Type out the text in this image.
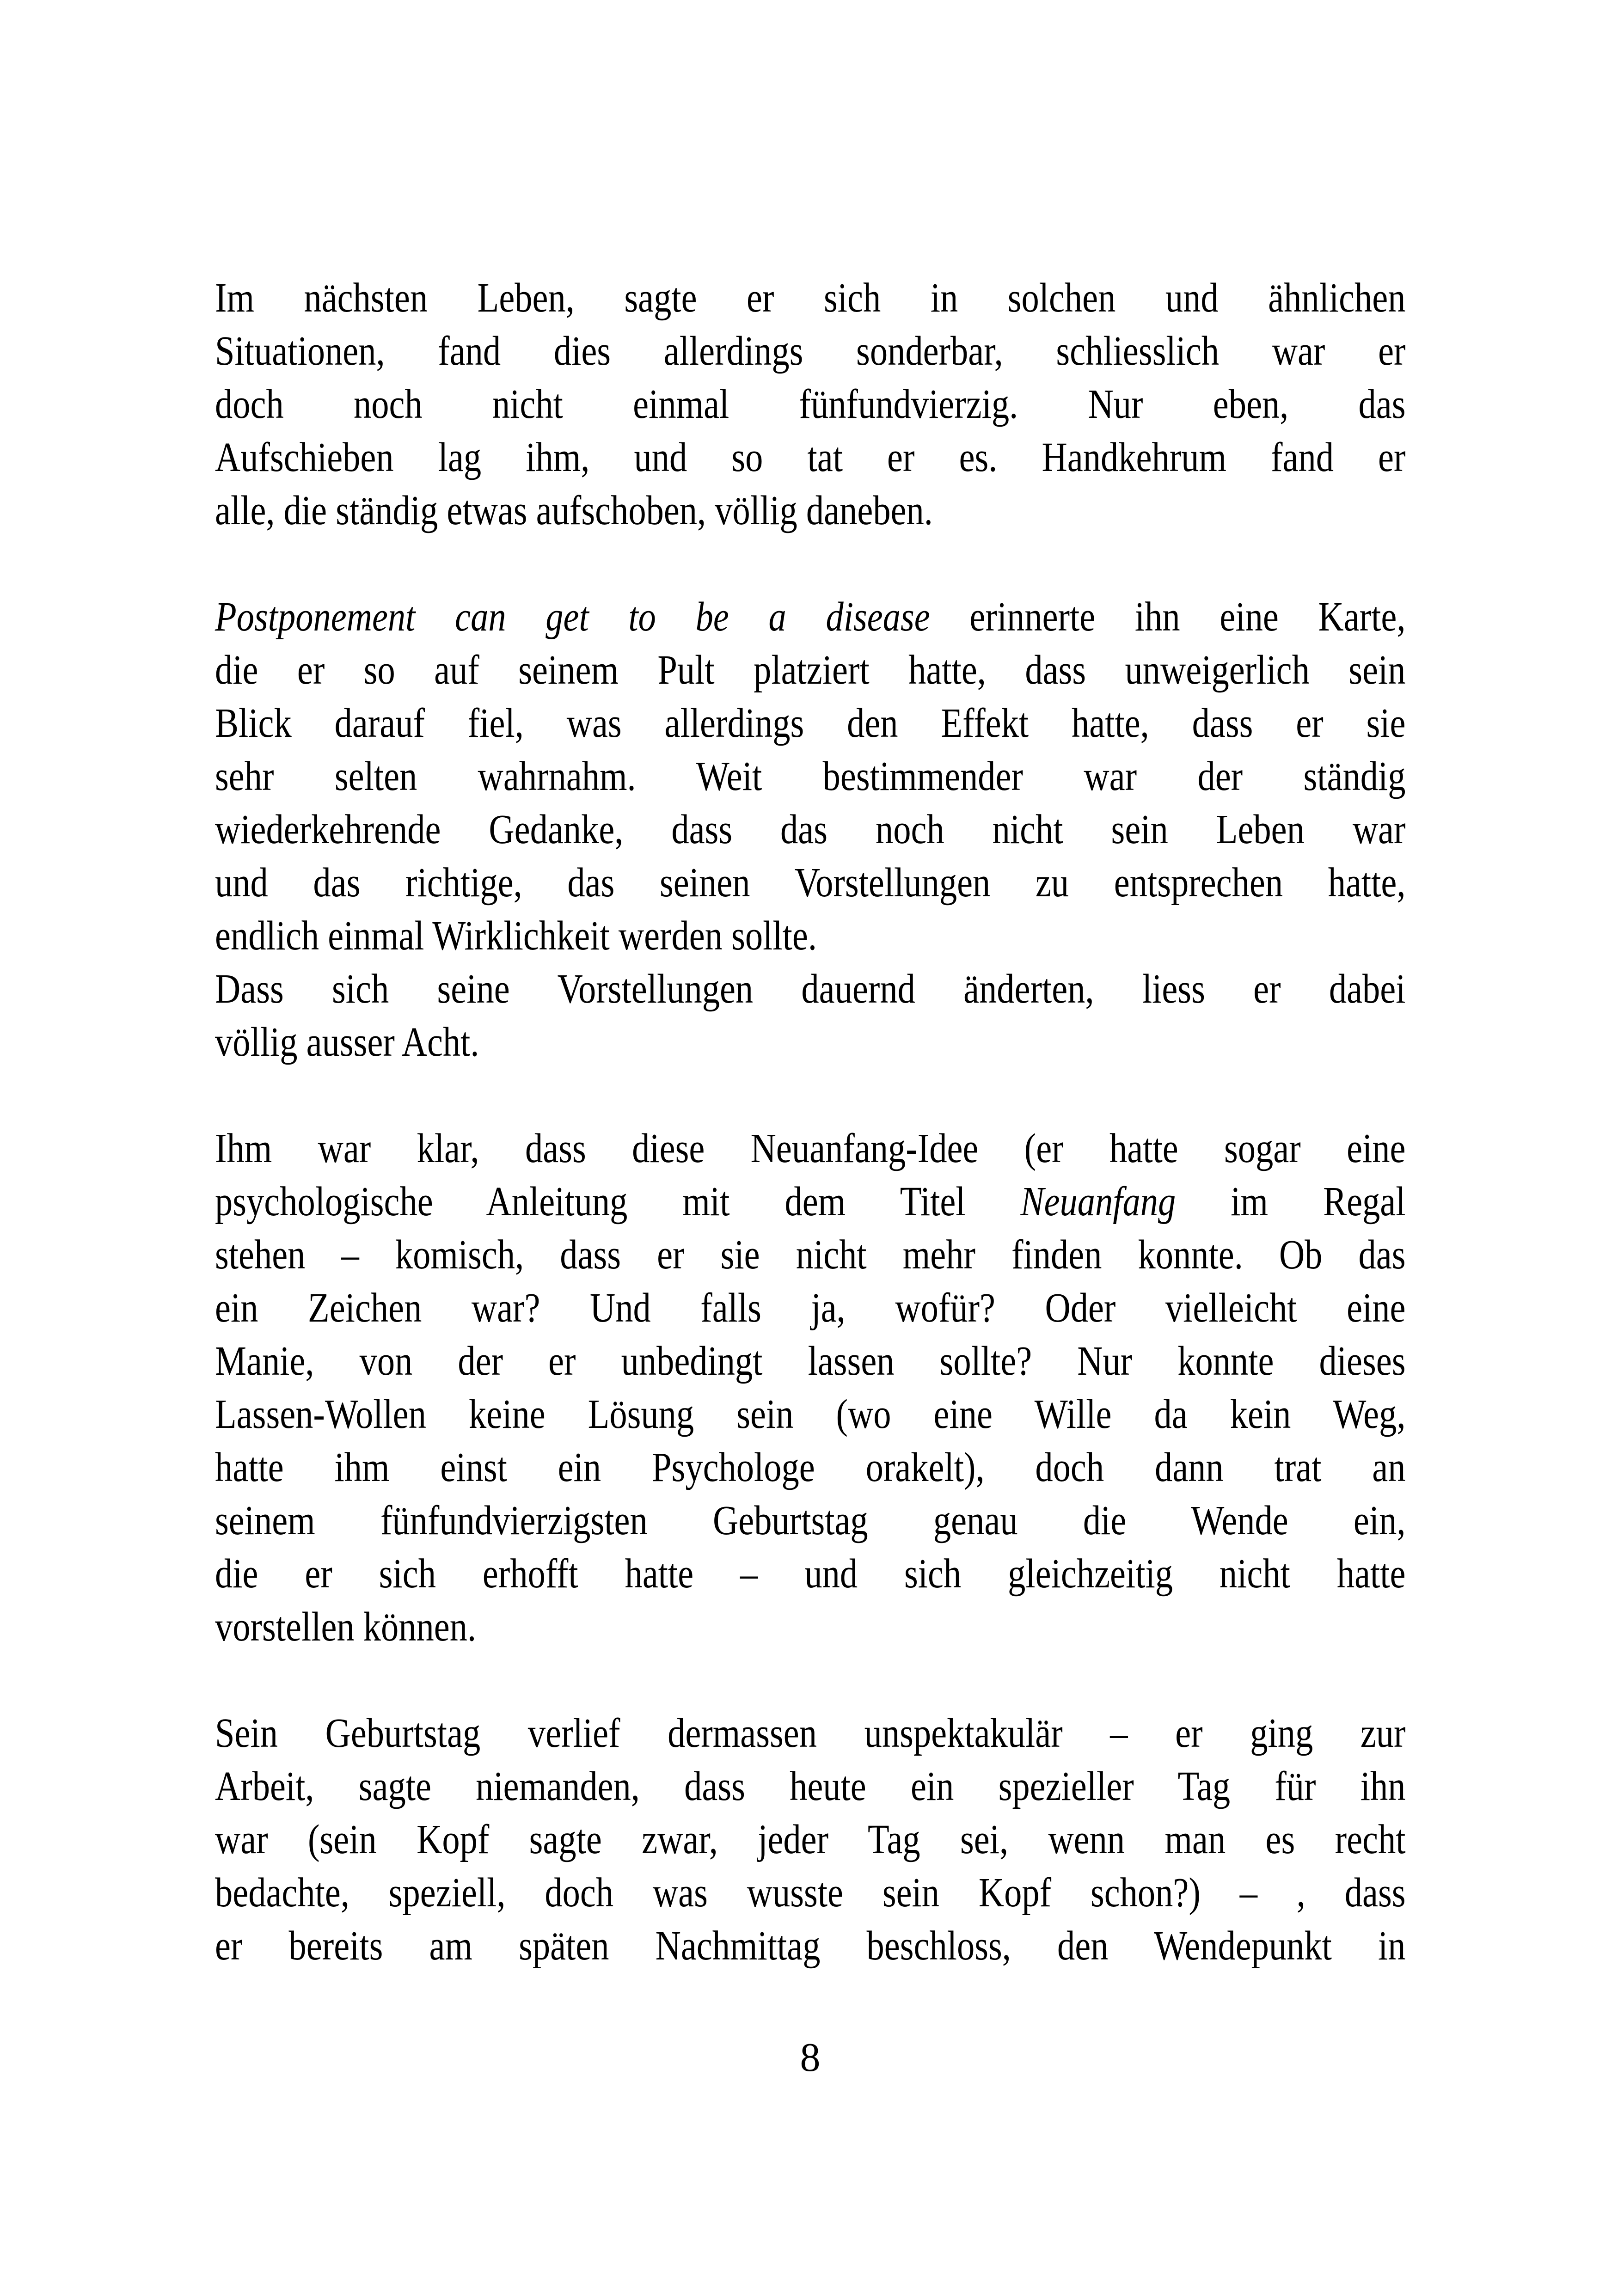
Im nächsten Leben, sagte er sich in solchen und ähnlichen
Situationen, fand dies allerdings sonderbar, schliesslich war er
doch noch nicht einmal fünfundvierzig. Nur eben, das
Aufschieben lag ihm, und so tat er es. Handkehrum fand er
alle, die ständig etwas aufschoben, völlig daneben.
Postponement can get to be a disease erinnerte ihn eine Karte,
die er so auf seinem Pult platziert hatte, dass unweigerlich sein
Blick darauf fiel, was allerdings den Effekt hatte, dass er sie
sehr selten wahrnahm. Weit bestimmender war der ständig
wiederkehrende Gedanke, dass das noch nicht sein Leben war
und das richtige, das seinen Vorstellungen zu entsprechen hatte,
endlich einmal Wirklichkeit werden sollte.
Dass sich seine Vorstellungen dauernd änderten, liess er dabei
völlig ausser Acht.
Ihm war klar, dass diese Neuanfang-Idee (er hatte sogar eine
psychologische Anleitung mit dem Titel Neuanfang im Regal
stehen – komisch, dass er sie nicht mehr finden konnte. Ob das
ein Zeichen war? Und falls ja, wofür? Oder vielleicht eine
Manie, von der er unbedingt lassen sollte? Nur konnte dieses
Lassen-Wollen keine Lösung sein (wo eine Wille da kein Weg,
hatte ihm einst ein Psychologe orakelt), doch dann trat an
seinem fünfundvierzigsten Geburtstag genau die Wende ein,
die er sich erhofft hatte – und sich gleichzeitig nicht hatte
vorstellen können.
Sein Geburtstag verlief dermassen unspektakulär – er ging zur
Arbeit, sagte niemanden, dass heute ein spezieller Tag für ihn
war (sein Kopf sagte zwar, jeder Tag sei, wenn man es recht
bedachte, speziell, doch was wusste sein Kopf schon?) – , dass
er bereits am späten Nachmittag beschloss, den Wendepunkt in
8
